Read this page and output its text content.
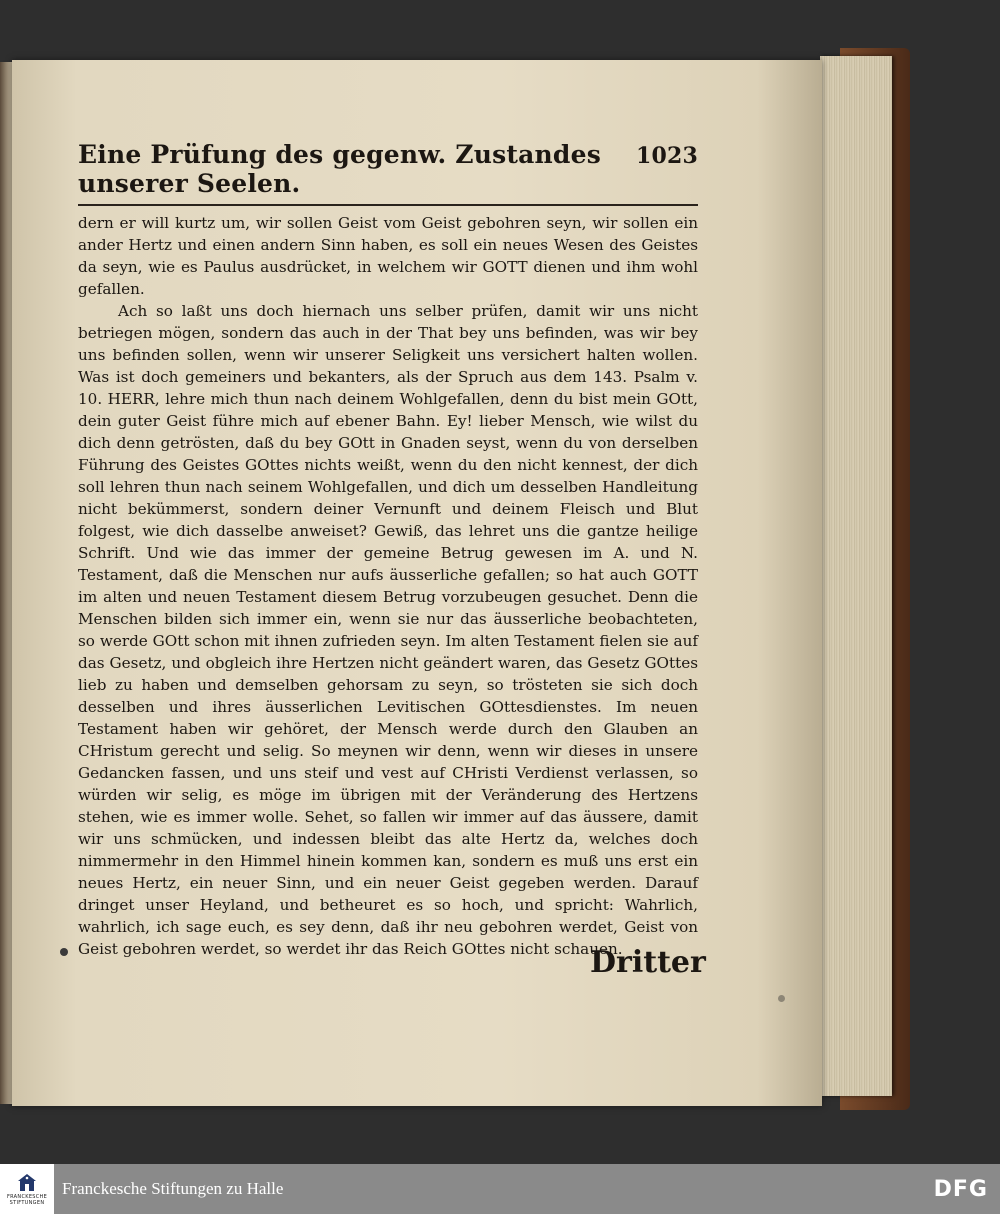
Eine Prüfung des gegenw. Zustandes unserer Seelen.
1023

dern er will kurtz um, wir sollen Geist vom Geist gebohren seyn, wir sollen ein ander Hertz und einen andern Sinn haben, es soll ein neues Wesen des Geistes da seyn, wie es Paulus ausdrücket, in welchem wir GOTT dienen und ihm wohl gefallen.

Ach so laßt uns doch hiernach uns selber prüfen, damit wir uns nicht betriegen mögen, sondern das auch in der That bey uns befinden, was wir bey uns befinden sollen, wenn wir unserer Seligkeit uns versichert halten wollen. Was ist doch gemeiners und bekanters, als der Spruch aus dem 143. Psalm v. 10. HERR, lehre mich thun nach deinem Wohlgefallen, denn du bist mein GOtt, dein guter Geist führe mich auf ebener Bahn. Ey! lieber Mensch, wie wilst du dich denn getrösten, daß du bey GOtt in Gnaden seyst, wenn du von derselben Führung des Geistes GOttes nichts weißt, wenn du den nicht kennest, der dich soll lehren thun nach seinem Wohlgefallen, und dich um desselben Handleitung nicht bekümmerst, sondern deiner Vernunft und deinem Fleisch und Blut folgest, wie dich dasselbe anweiset? Gewiß, das lehret uns die gantze heilige Schrift. Und wie das immer der gemeine Betrug gewesen im A. und N. Testament, daß die Menschen nur aufs äusserliche gefallen; so hat auch GOTT im alten und neuen Testament diesem Betrug vorzubeugen gesuchet. Denn die Menschen bilden sich immer ein, wenn sie nur das äusserliche beobachteten, so werde GOtt schon mit ihnen zufrieden seyn. Im alten Testament fielen sie auf das Gesetz, und obgleich ihre Hertzen nicht geändert waren, das Gesetz GOttes lieb zu haben und demselben gehorsam zu seyn, so trösteten sie sich doch desselben und ihres äusserlichen Levitischen GOttesdienstes. Im neuen Testament haben wir gehöret, der Mensch werde durch den Glauben an CHristum gerecht und selig. So meynen wir denn, wenn wir dieses in unsere Gedancken fassen, und uns steif und vest auf CHristi Verdienst verlassen, so würden wir selig, es möge im übrigen mit der Veränderung des Hertzens stehen, wie es immer wolle. Sehet, so fallen wir immer auf das äussere, damit wir uns schmücken, und indessen bleibt das alte Hertz da, welches doch nimmermehr in den Himmel hinein kommen kan, sondern es muß uns erst ein neues Hertz, ein neuer Sinn, und ein neuer Geist gegeben werden. Darauf dringet unser Heyland, und betheuret es so hoch, und spricht: Wahrlich, wahrlich, ich sage euch, es sey denn, daß ihr neu gebohren werdet, Geist von Geist gebohren werdet, so werdet ihr das Reich GOttes nicht schauen.

Dritter
FRANCKESCHE
STIFTUNGEN
Franckesche Stiftungen zu Halle	DFG
